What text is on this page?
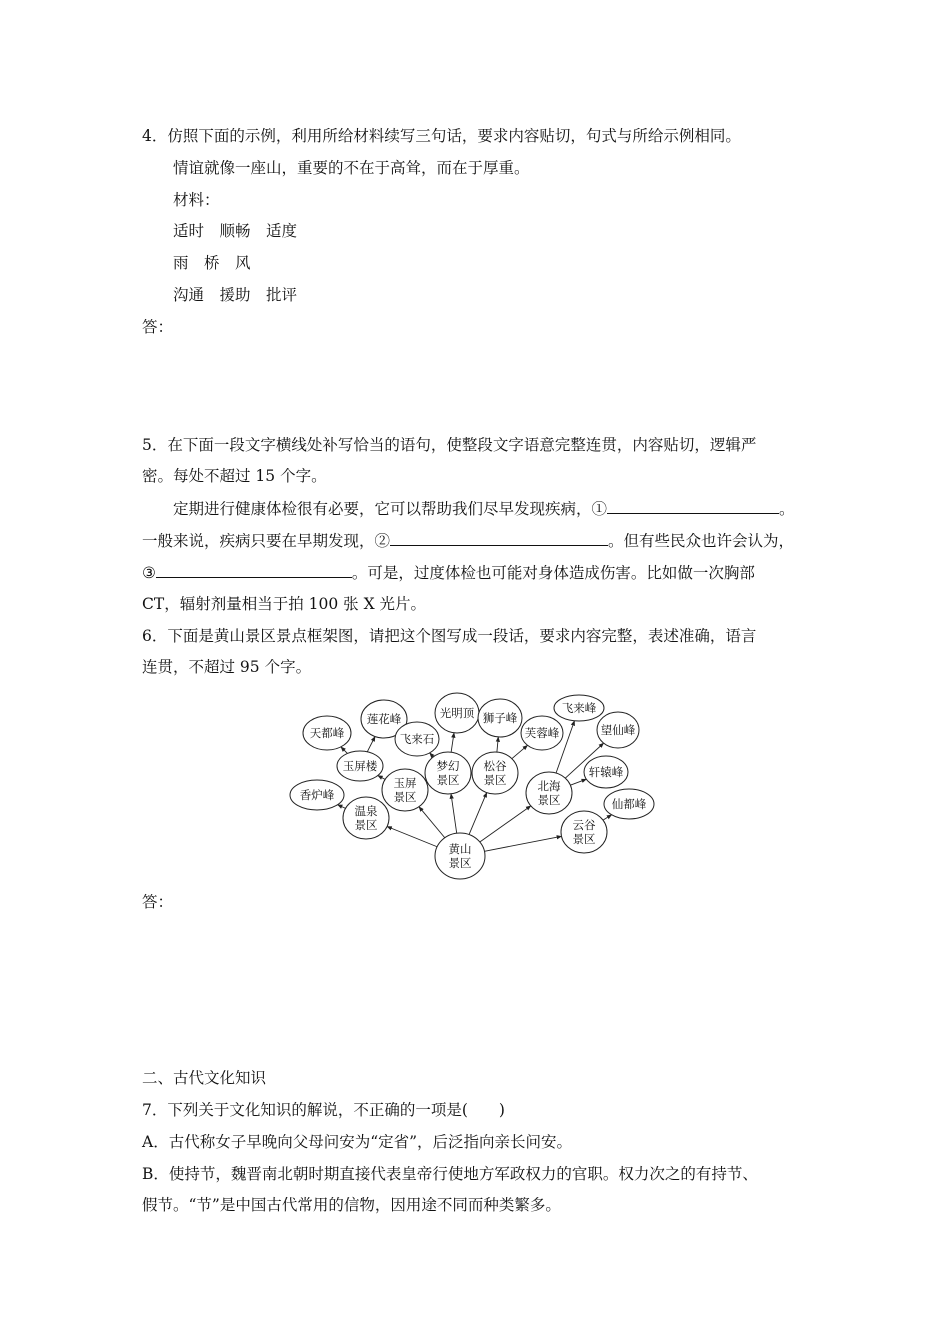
4．仿照下面的示例，利用所给材料续写三句话，要求内容贴切，句式与所给示例相同。
情谊就像一座山，重要的不在于高耸，而在于厚重。
材料：
适时　顺畅　适度
雨　桥　风
沟通　援助　批评
答：
5．在下面一段文字横线处补写恰当的语句，使整段文字语意完整连贯，内容贴切，逻辑严
密。每处不超过 15 个字。
定期进行健康体检很有必要，它可以帮助我们尽早发现疾病，①	。
一般来说，疾病只要在早期发现，②	。但有些民众也许会认为，
③	。可是，过度体检也可能对身体造成伤害。比如做一次胸部
CT，辐射剂量相当于拍 100 张 X 光片。
6．下面是黄山景区景点框架图，请把这个图写成一段话，要求内容完整，表述准确，语言
连贯，不超过 95 个字。
黄山
景区
温泉
景区
玉屏
景区
梦幻
景区
松谷
景区	北海
景区
云谷
景区
香炉峰
玉屏楼
天都峰
莲花峰
飞来石
光明顶 狮子峰
芙蓉峰
飞来峰
望仙峰
轩辕峰
仙都峰
答：
二、古代文化知识
7．下列关于文化知识的解说，不正确的一项是(　　)
A．古代称女子早晚向父母问安为“定省”，后泛指向亲长问安。
B．使持节，魏晋南北朝时期直接代表皇帝行使地方军政权力的官职。权力次之的有持节、
假节。“节”是中国古代常用的信物，因用途不同而种类繁多。
